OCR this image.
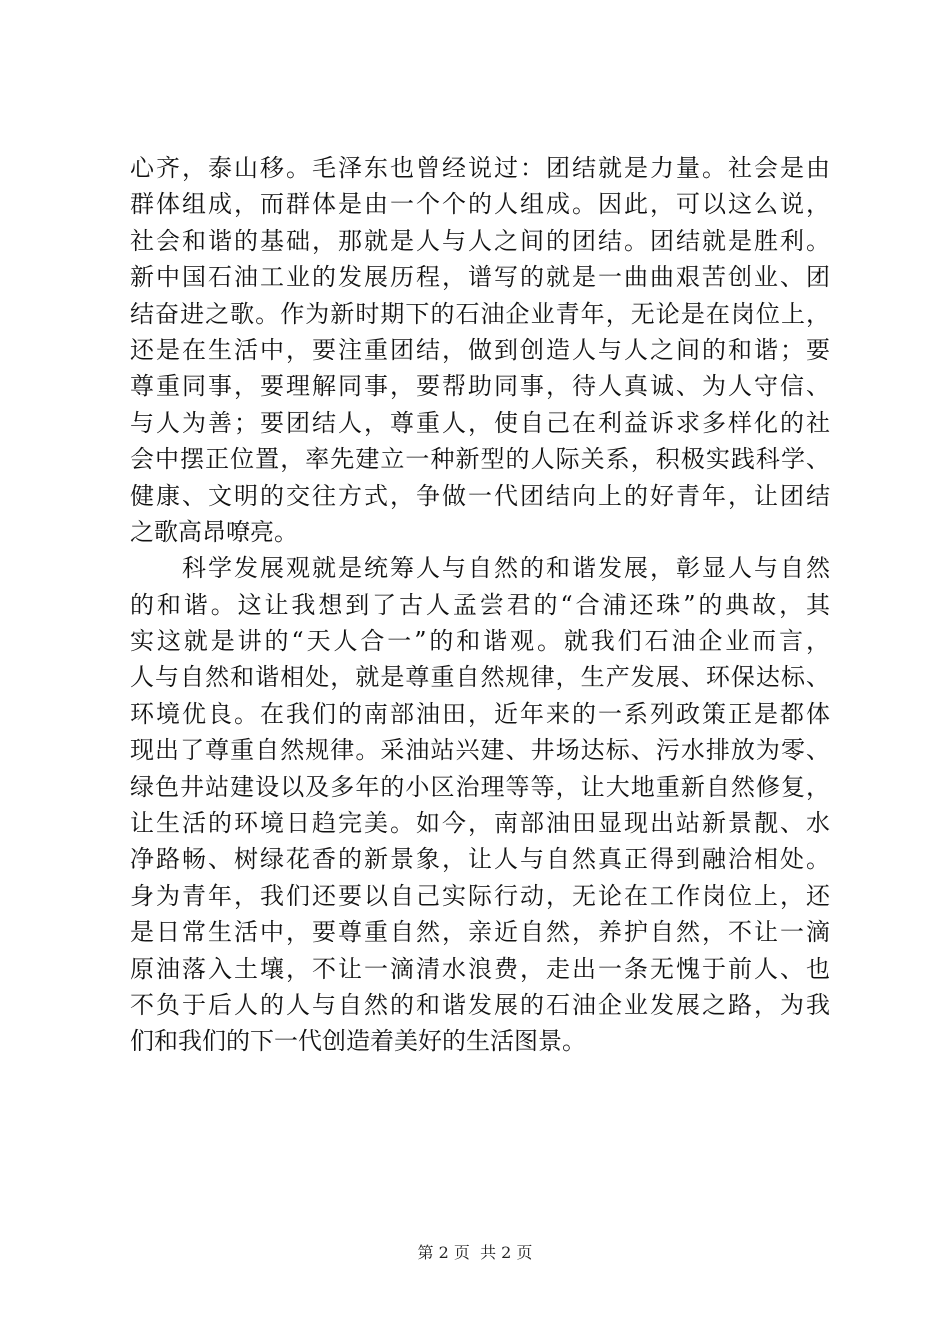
心齐，泰山移。毛泽东也曾经说过：团结就是力量。社会是由
群体组成，而群体是由一个个的人组成。因此，可以这么说，
社会和谐的基础，那就是人与人之间的团结。团结就是胜利。
新中国石油工业的发展历程，谱写的就是一曲曲艰苦创业、团
结奋进之歌。作为新时期下的石油企业青年，无论是在岗位上，
还是在生活中，要注重团结，做到创造人与人之间的和谐；要
尊重同事，要理解同事，要帮助同事，待人真诚、为人守信、
与人为善；要团结人，尊重人，使自己在利益诉求多样化的社
会中摆正位置，率先建立一种新型的人际关系，积极实践科学、
健康、文明的交往方式，争做一代团结向上的好青年，让团结
之歌高昂嘹亮。
　　科学发展观就是统筹人与自然的和谐发展，彰显人与自然
的和谐。这让我想到了古人孟尝君的“合浦还珠”的典故，其
实这就是讲的“天人合一”的和谐观。就我们石油企业而言，
人与自然和谐相处，就是尊重自然规律，生产发展、环保达标、
环境优良。在我们的南部油田，近年来的一系列政策正是都体
现出了尊重自然规律。采油站兴建、井场达标、污水排放为零、
绿色井站建设以及多年的小区治理等等，让大地重新自然修复，
让生活的环境日趋完美。如今，南部油田显现出站新景靓、水
净路畅、树绿花香的新景象，让人与自然真正得到融洽相处。
身为青年，我们还要以自己实际行动，无论在工作岗位上，还
是日常生活中，要尊重自然，亲近自然，养护自然，不让一滴
原油落入土壤，不让一滴清水浪费，走出一条无愧于前人、也
不负于后人的人与自然的和谐发展的石油企业发展之路，为我
们和我们的下一代创造着美好的生活图景。
第 2 页  共 2 页
